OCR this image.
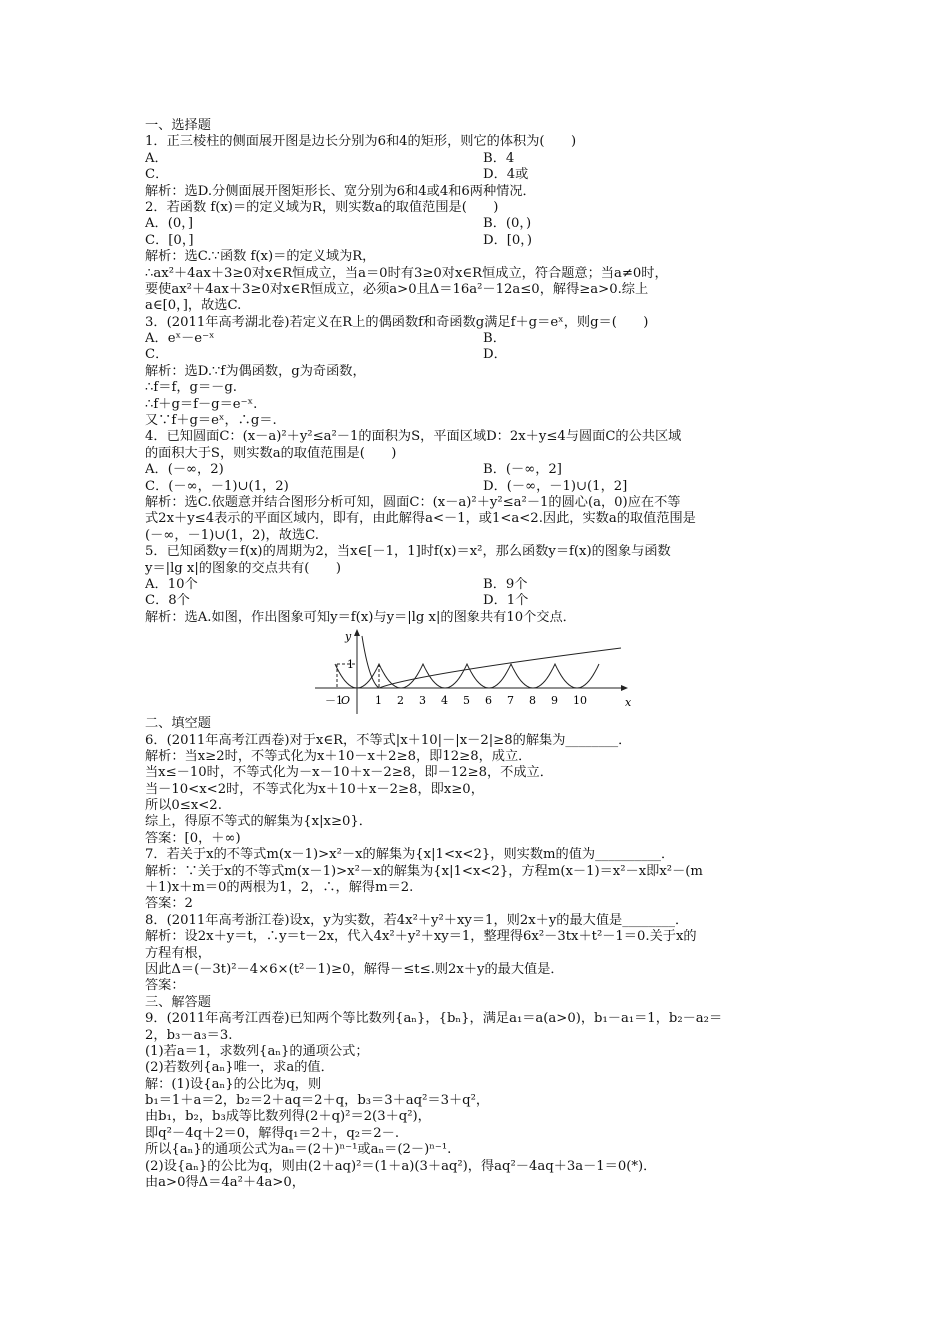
一、选择题
1．正三棱柱的侧面展开图是边长分别为6和4的矩形，则它的体积为(　　)
A．	B．4
C．	D．4或
解析：选D.分侧面展开图矩形长、宽分别为6和4或4和6两种情况．
2．若函数 f(x)＝的定义域为R，则实数a的取值范围是(　　)
A．(0，]	B．(0，)
C．[0，]	D．[0，)
解析：选C.∵函数 f(x)＝的定义域为R，
∴ax²＋4ax＋3≥0对x∈R恒成立，当a＝0时有3≥0对x∈R恒成立，符合题意；当a≠0时，
要使ax²＋4ax＋3≥0对x∈R恒成立，必须a>0且Δ＝16a²－12a≤0，解得≥a>0.综上
a∈[0，]，故选C.
3．(2011年高考湖北卷)若定义在R上的偶函数f和奇函数g满足f＋g＝eˣ，则g＝(　　)
A．eˣ－e⁻ˣ	B．
C．	D．
解析：选D.∵f为偶函数，g为奇函数，
∴f＝f，g＝－g.
∴f＋g＝f－g＝e⁻ˣ.
又∵f＋g＝eˣ，∴g＝.
4．已知圆面C：(x－a)²＋y²≤a²－1的面积为S，平面区域D：2x＋y≤4与圆面C的公共区域
的面积大于S，则实数a的取值范围是(　　)
A．(－∞，2)	B．(－∞，2]
C．(－∞，－1)∪(1，2)	D．(－∞，－1)∪(1，2]
解析：选C.依题意并结合图形分析可知，圆面C：(x－a)²＋y²≤a²－1的圆心(a，0)应在不等
式2x＋y≤4表示的平面区域内，即有，由此解得a<－1，或1<a<2.因此，实数a的取值范围是
(－∞，－1)∪(1，2)，故选C.
5．已知函数y＝f(x)的周期为2，当x∈[－1，1]时f(x)＝x²，那么函数y＝f(x)的图象与函数
y＝|lg x|的图象的交点共有(　　)
A．10个	B．9个
C．8个	D．1个
解析：选A.如图，作出图象可知y＝f(x)与y＝|lg x|的图象共有10个交点．
y
1
x
－1
O 1 2 3 4 5 6 7 8 9 10
二、填空题
6．(2011年高考江西卷)对于x∈R，不等式|x＋10|－|x－2|≥8的解集为________．
解析：当x≥2时，不等式化为x＋10－x＋2≥8，即12≥8，成立．
当x≤－10时，不等式化为－x－10＋x－2≥8，即－12≥8，不成立．
当－10<x<2时，不等式化为x＋10＋x－2≥8，即x≥0，
所以0≤x<2.
综上，得原不等式的解集为{x|x≥0}．
答案：[0，＋∞)
7．若关于x的不等式m(x－1)>x²－x的解集为{x|1<x<2}，则实数m的值为__________．
解析：∵关于x的不等式m(x－1)>x²－x的解集为{x|1<x<2}，方程m(x－1)＝x²－x即x²－(m
＋1)x＋m＝0的两根为1，2，∴，解得m＝2.
答案：2
8．(2011年高考浙江卷)设x，y为实数，若4x²＋y²＋xy＝1，则2x＋y的最大值是________．
解析：设2x＋y＝t，∴y＝t－2x，代入4x²＋y²＋xy＝1，整理得6x²－3tx＋t²－1＝0.关于x的
方程有根，
因此Δ＝(－3t)²－4×6×(t²－1)≥0，解得－≤t≤.则2x＋y的最大值是．
答案：
三、解答题
9．(2011年高考江西卷)已知两个等比数列{aₙ}，{bₙ}，满足a₁＝a(a>0)，b₁－a₁＝1，b₂－a₂＝
2，b₃－a₃＝3.
(1)若a＝1，求数列{aₙ}的通项公式；
(2)若数列{aₙ}唯一，求a的值．
解：(1)设{aₙ}的公比为q，则
b₁＝1＋a＝2，b₂＝2＋aq＝2＋q，b₃＝3＋aq²＝3＋q²，
由b₁，b₂，b₃成等比数列得(2＋q)²＝2(3＋q²)，
即q²－4q＋2＝0，解得q₁＝2＋，q₂＝2－.
所以{aₙ}的通项公式为aₙ＝(2＋)ⁿ⁻¹或aₙ＝(2－)ⁿ⁻¹.
(2)设{aₙ}的公比为q，则由(2＋aq)²＝(1＋a)(3＋aq²)，得aq²－4aq＋3a－1＝0(*)．
由a>0得Δ＝4a²＋4a>0，
